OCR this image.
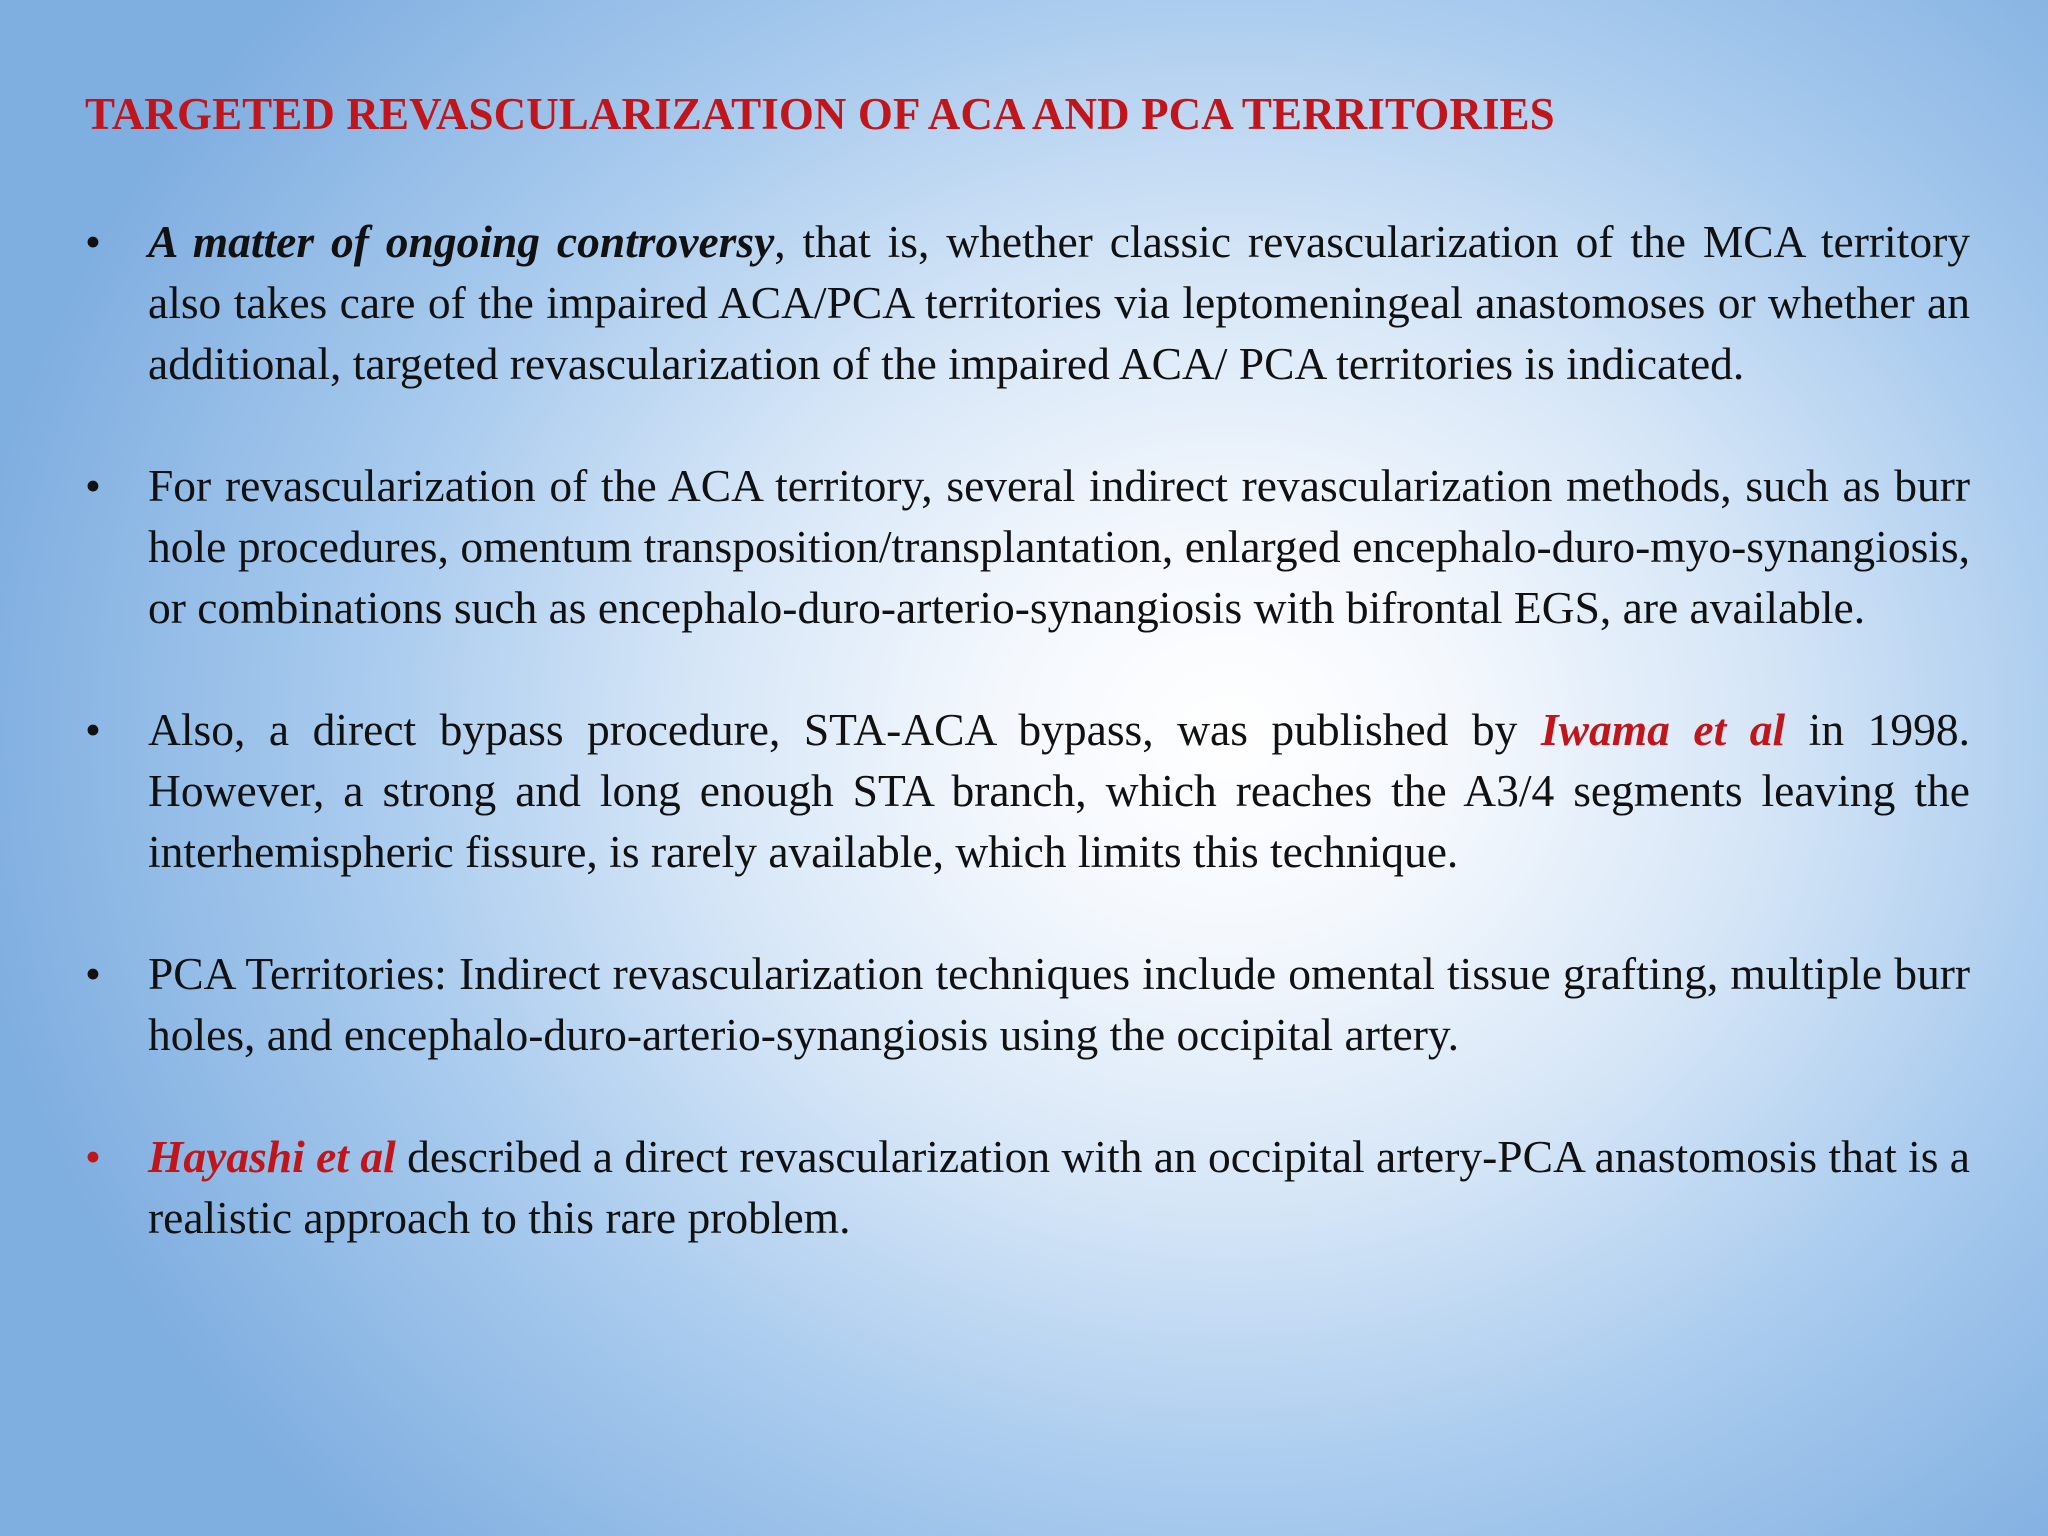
TARGETED REVASCULARIZATION OF ACA AND PCA TERRITORIES
•	A matter of ongoing controversy, that is, whether classic revascularization of the MCA territory also takes care of the impaired ACA/PCA territories via leptomeningeal anastomoses or whether an additional, targeted revascularization of the impaired ACA/ PCA territories is indicated.
•	For revascularization of the ACA territory, several indirect revascularization methods, such as burr hole procedures, omentum transposition/transplantation, enlarged encephalo-duro-myo-synangiosis, or combinations such as encephalo-duro-arterio-synangiosis with bifrontal EGS, are available.
•	Also, a direct bypass procedure, STA-ACA bypass, was published by Iwama et al in 1998. However, a strong and long enough STA branch, which reaches the A3/4 segments leaving the interhemispheric fissure, is rarely available, which limits this technique.
•	PCA Territories: Indirect revascularization techniques include omental tissue grafting, multiple burr holes, and encephalo-duro-arterio-synangiosis using the occipital artery.
•	Hayashi et al described a direct revascularization with an occipital artery-PCA anastomosis that is a realistic approach to this rare problem.
